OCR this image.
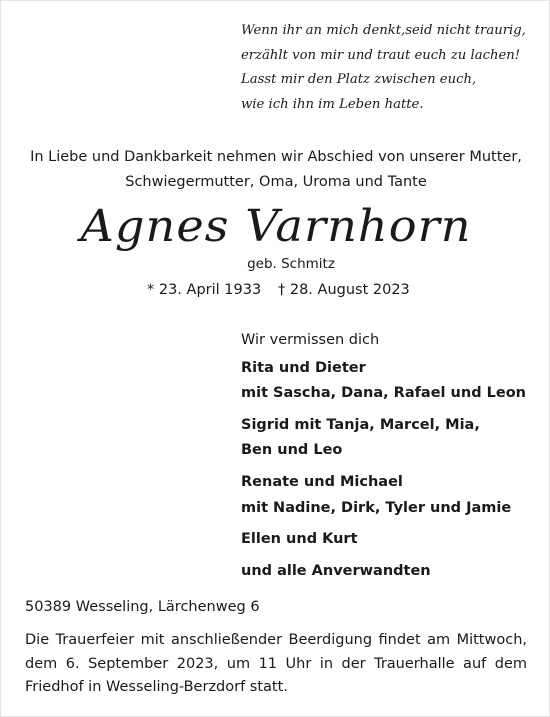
Wenn ihr an mich denkt,seid nicht traurig,
erzählt von mir und traut euch zu lachen!
Lasst mir den Platz zwischen euch,
wie ich ihn im Leben hatte.
In Liebe und Dankbarkeit nehmen wir Abschied von unserer Mutter,
Schwiegermutter, Oma, Uroma und Tante
Agnes Varnhorn
geb. Schmitz
* 23. April 1933 † 28. August 2023
Wir vermissen dich
Rita und Dieter
mit Sascha, Dana, Rafael und Leon
Sigrid mit Tanja, Marcel, Mia,
Ben und Leo
Renate und Michael
mit Nadine, Dirk, Tyler und Jamie
Ellen und Kurt
und alle Anverwandten
50389 Wesseling, Lärchenweg 6
Die Trauerfeier mit anschließender Beerdigung findet am Mittwoch, dem 6. September 2023, um 11 Uhr in der Trauerhalle auf dem Friedhof in Wesseling-Berzdorf statt.
